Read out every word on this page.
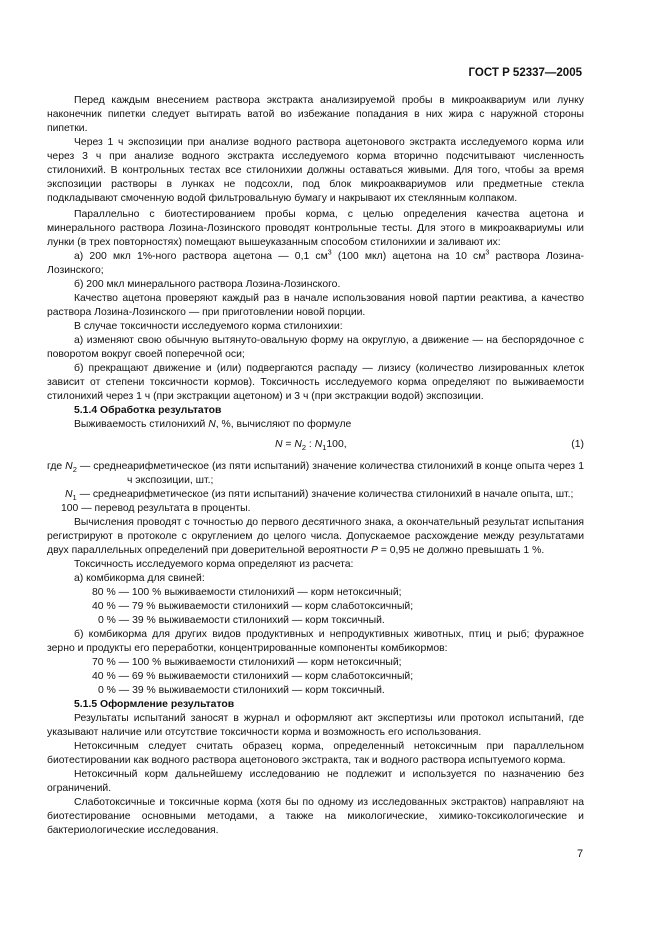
ГОСТ Р 52337—2005

Перед каждым внесением раствора экстракта анализируемой пробы в микроаквариум или лунку наконечник пипетки следует вытирать ватой во избежание попадания в них жира с наружной стороны пипетки.

Через 1 ч экспозиции при анализе водного раствора ацетонового экстракта исследуемого корма или через 3 ч при анализе водного экстракта исследуемого корма вторично подсчитывают численность стилонихий. В контрольных тестах все стилонихии должны оставаться живыми. Для того, чтобы за время экспозиции растворы в лунках не подсохли, под блок микроаквариумов или предметные стекла подкладывают смоченную водой фильтровальную бумагу и накрывают их стеклянным колпаком.

Параллельно с биотестированием пробы корма, с целью определения качества ацетона и минерального раствора Лозина-Лозинского проводят контрольные тесты. Для этого в микроаквариумы или лунки (в трех повторностях) помещают вышеуказанным способом стилонихии и заливают их:

а) 200 мкл 1%-ного раствора ацетона — 0,1 $см^3$ (100 мкл) ацетона на 10 $см^3$ раствора Лозина-Лозинского;

б) 200 мкл минерального раствора Лозина-Лозинского.

Качество ацетона проверяют каждый раз в начале использования новой партии реактива, а качество раствора Лозина-Лозинского — при приготовлении новой порции.

В случае токсичности исследуемого корма стилонихии:

а) изменяют свою обычную вытянуто-овальную форму на округлую, а движение — на беспорядочное с поворотом вокруг своей поперечной оси;

б) прекращают движение и (или) подвергаются распаду — лизису (количество лизированных клеток зависит от степени токсичности кормов). Токсичность исследуемого корма определяют по выживаемости стилонихий через 1 ч (при экстракции ацетоном) и 3 ч (при экстракции водой) экспозиции.

5.1.4 Обработка результатов

Выживаемость стилонихий N, %, вычисляют по формуле

$N = N_2$ : $N_1100$,	(1)

где $N_2$ — среднеарифметическое (из пяти испытаний) значение количества стилонихий в конце опыта через 1 ч экспозиции, шт.;

$N_1$ — среднеарифметическое (из пяти испытаний) значение количества стилонихий в начале опыта, шт.;

100 — перевод результата в проценты.

Вычисления проводят с точностью до первого десятичного знака, а окончательный результат испытания регистрируют в протоколе с округлением до целого числа. Допускаемое расхождение между результатами двух параллельных определений при доверительной вероятности P = 0,95 не должно превышать 1 %.

Токсичность исследуемого корма определяют из расчета:

а) комбикорма для свиней:

80 % — 100 % выживаемости стилонихий — корм нетоксичный;

40 % — 79 % выживаемости стилонихий — корм слаботоксичный;

0 % — 39 % выживаемости стилонихий — корм токсичный.

б) комбикорма для других видов продуктивных и непродуктивных животных, птиц и рыб; фуражное зерно и продукты его переработки, концентрированные компоненты комбикормов:

70 % — 100 % выживаемости стилонихий — корм нетоксичный;

40 % — 69 % выживаемости стилонихий — корм слаботоксичный;

0 % — 39 % выживаемости стилонихий — корм токсичный.

5.1.5 Оформление результатов

Результаты испытаний заносят в журнал и оформляют акт экспертизы или протокол испытаний, где указывают наличие или отсутствие токсичности корма и возможность его использования.

Нетоксичным следует считать образец корма, определенный нетоксичным при параллельном биотестировании как водного раствора ацетонового экстракта, так и водного раствора испытуемого корма.

Нетоксичный корм дальнейшему исследованию не подлежит и используется по назначению без ограничений.

Слаботоксичные и токсичные корма (хотя бы по одному из исследованных экстрактов) направляют на биотестирование основными методами, а также на микологические, химико-токсикологические и бактериологические исследования.

7
